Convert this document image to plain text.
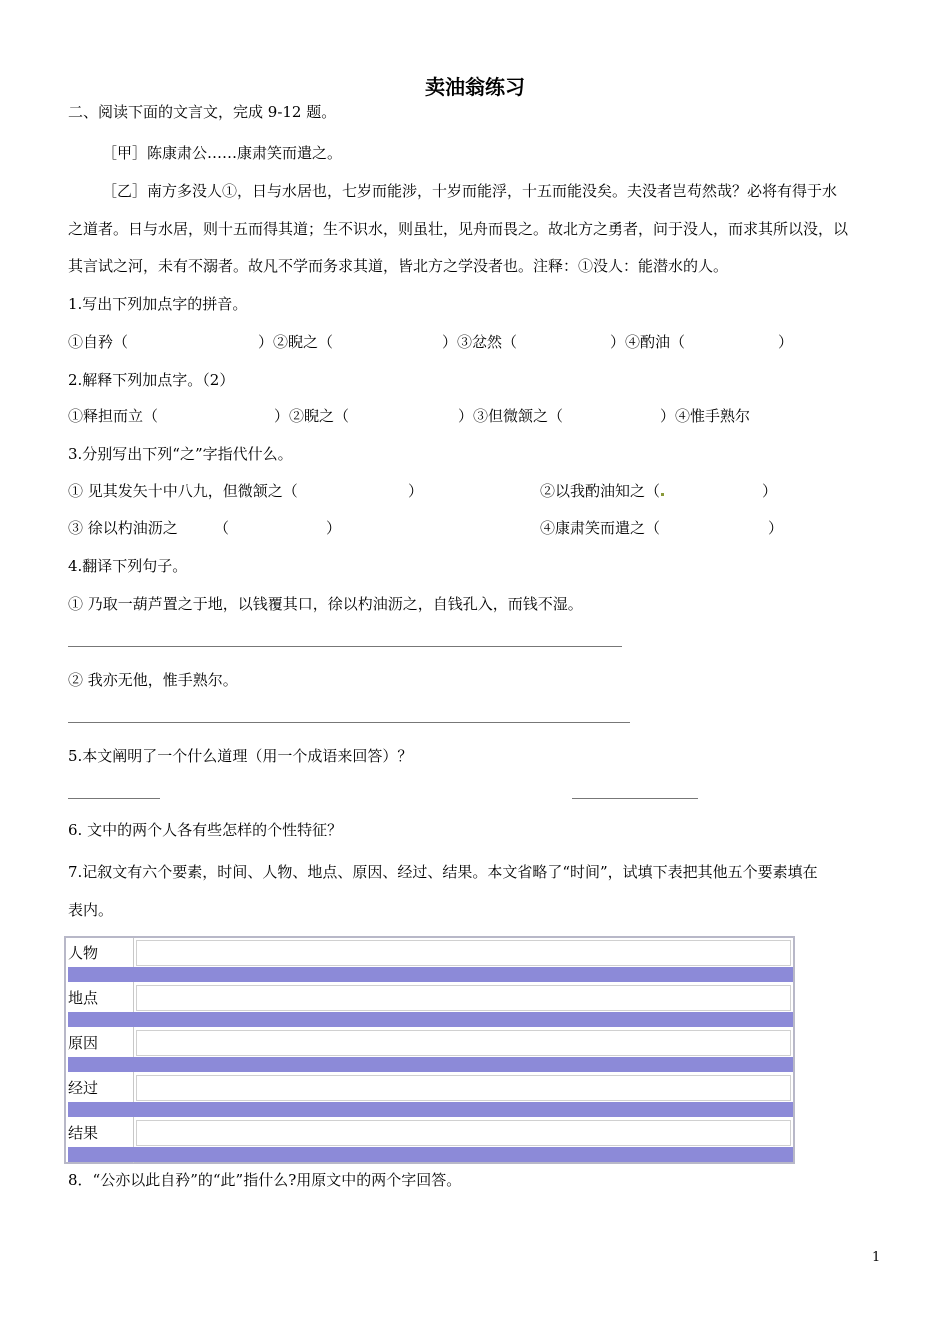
卖油翁练习
二、阅读下面的文言文，完成 9-12 题。
［甲］陈康肃公……康肃笑而遣之。
［乙］南方多没人①，日与水居也，七岁而能涉，十岁而能浮，十五而能没矣。夫没者岂苟然哉？必将有得于水
之道者。日与水居，则十五而得其道；生不识水，则虽壮，见舟而畏之。故北方之勇者，问于没人，而求其所以没，以
其言试之河，未有不溺者。故凡不学而务求其道，皆北方之学没者也。注释：①没人：能潜水的人。
1.写出下列加点字的拼音。
①自矜（	）②睨之（	）③忿然（	）④酌油（	）
2.解释下列加点字。（2）
①释担而立（	）②睨之（	）③但微颔之（	）④惟手熟尔
3.分别写出下列“之”字指代什么。
① 见其发矢十中八九，但微颔之（	）	②以我酌油知之（	）
③ 徐以杓油沥之 （	）	④康肃笑而遣之（	）
4.翻译下列句子。
① 乃取一葫芦置之于地，以钱覆其口，徐以杓油沥之，自钱孔入，而钱不湿。
② 我亦无他，惟手熟尔。
5.本文阐明了一个什么道理（用一个成语来回答）？
6. 文中的两个人各有些怎样的个性特征？
7.记叙文有六个要素，时间、人物、地点、原因、经过、结果。本文省略了“时间”，试填下表把其他五个要素填在
表内。
人物
地点
原因
经过
结果
8．“公亦以此自矜”的“此”指什么?用原文中的两个字回答。
1
